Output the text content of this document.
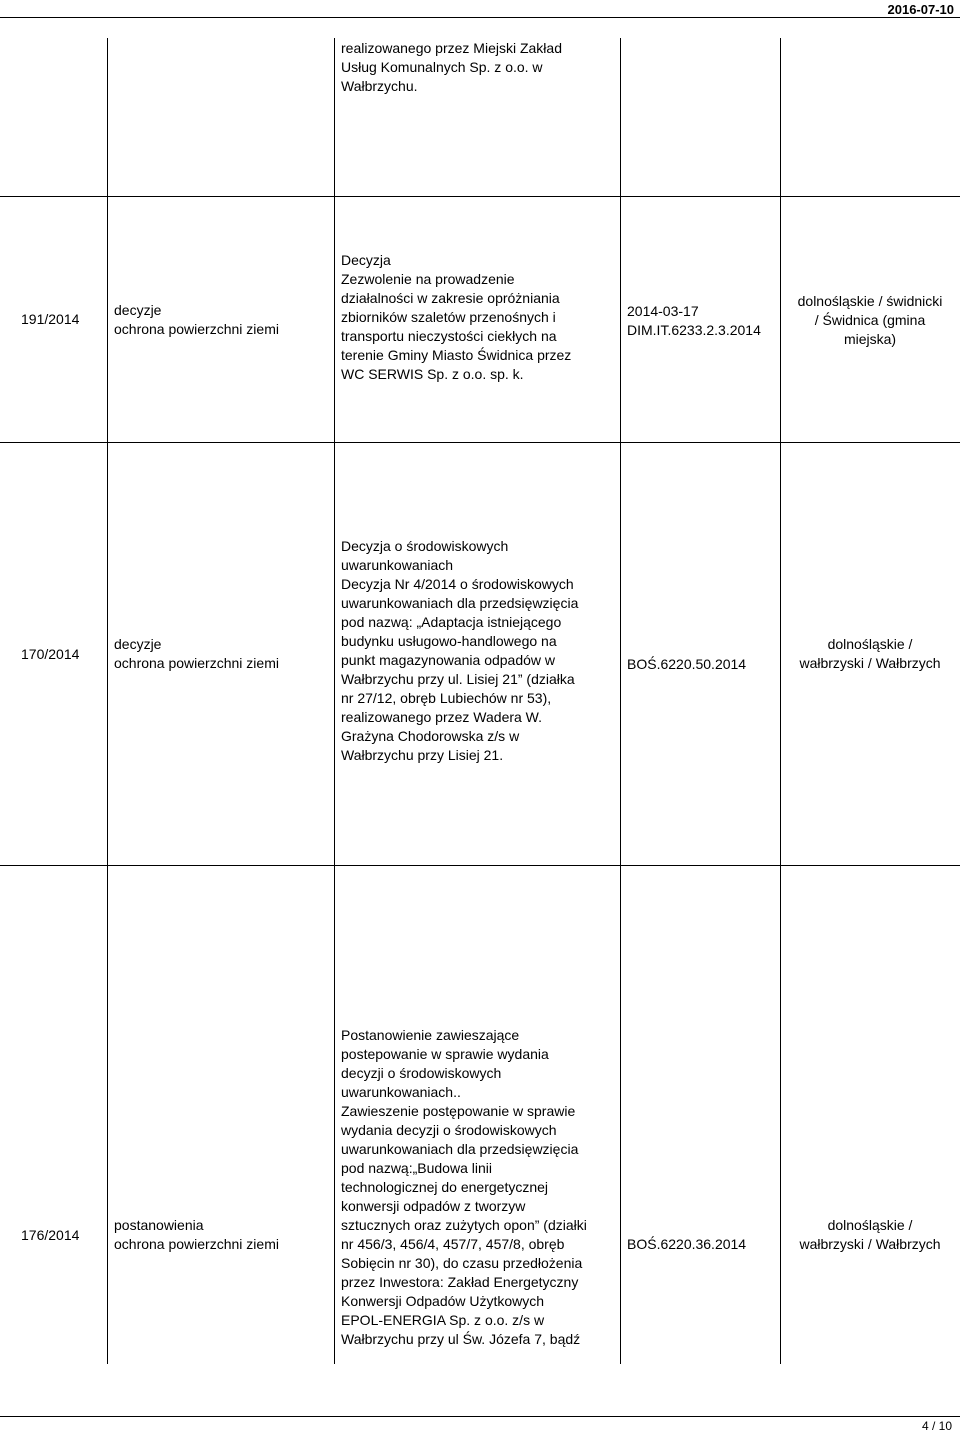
2016-07-10
realizowanego przez Miejski Zakład
Usług Komunalnych Sp. z o.o. w
Wałbrzychu.
191/2014
decyzje
ochrona powierzchni ziemi
Decyzja
Zezwolenie na prowadzenie
działalności w zakresie opróżniania
zbiorników szaletów przenośnych i
transportu nieczystości ciekłych na
terenie Gminy Miasto Świdnica przez
WC SERWIS Sp. z o.o. sp. k.
2014-03-17
DIM.IT.6233.2.3.2014
dolnośląskie / świdnicki
/ Świdnica (gmina
miejska)
170/2014
decyzje
ochrona powierzchni ziemi
Decyzja o środowiskowych
uwarunkowaniach
Decyzja Nr 4/2014 o środowiskowych
uwarunkowaniach dla przedsięwzięcia
pod nazwą: „Adaptacja istniejącego
budynku usługowo-handlowego na
punkt magazynowania odpadów w
Wałbrzychu przy ul. Lisiej 21” (działka
nr 27/12, obręb Lubiechów nr 53),
realizowanego przez Wadera W.
Grażyna Chodorowska z/s w
Wałbrzychu przy Lisiej 21.
BOŚ.6220.50.2014
dolnośląskie /
wałbrzyski / Wałbrzych
176/2014
postanowienia
ochrona powierzchni ziemi
Postanowienie zawieszające
postepowanie w sprawie wydania
decyzji o środowiskowych
uwarunkowaniach..
Zawieszenie postępowanie w sprawie
wydania decyzji o środowiskowych
uwarunkowaniach dla przedsięwzięcia
pod nazwą:„Budowa linii
technologicznej do energetycznej
konwersji odpadów z tworzyw
sztucznych oraz zużytych opon” (działki
nr 456/3, 456/4, 457/7, 457/8, obręb
Sobięcin nr 30), do czasu przedłożenia
przez Inwestora: Zakład Energetyczny
Konwersji Odpadów Użytkowych
EPOL-ENERGIA Sp. z o.o. z/s w
Wałbrzychu przy ul Św. Józefa 7, bądź
BOŚ.6220.36.2014
dolnośląskie /
wałbrzyski / Wałbrzych
4 / 10
